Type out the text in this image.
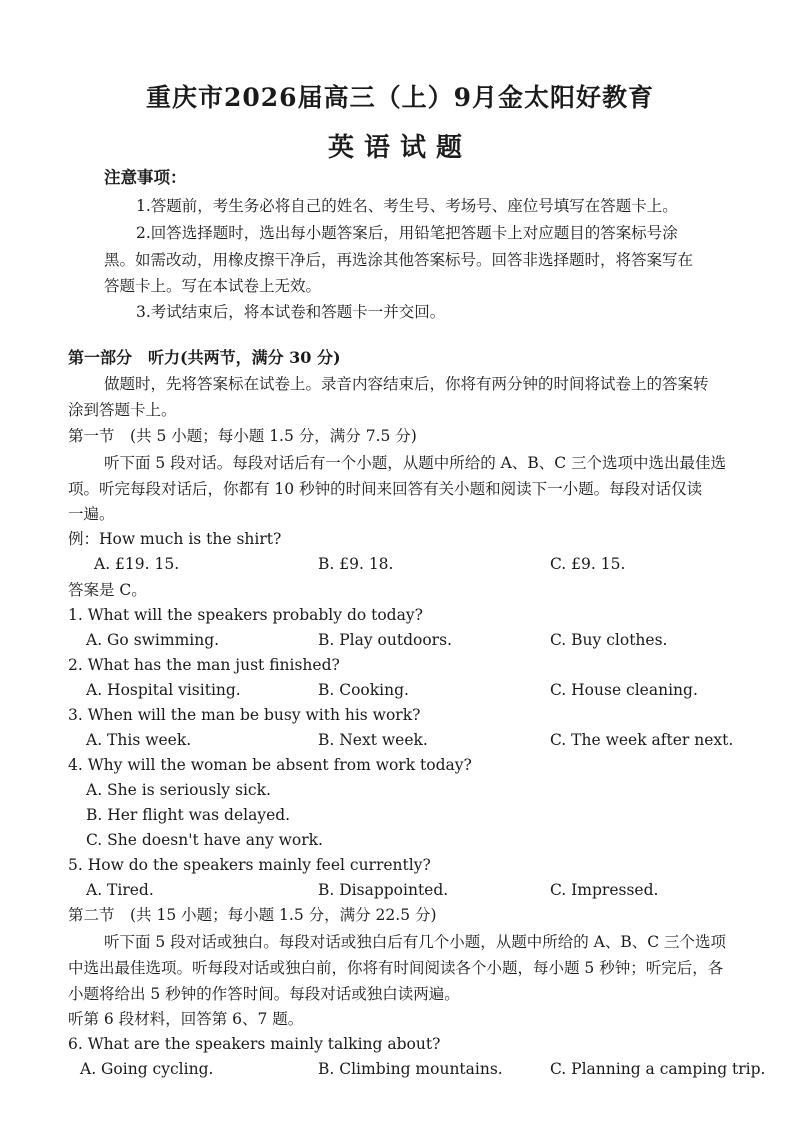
重庆市2026届高三（上）9月金太阳好教育
英语试题
注意事项：
1.答题前，考生务必将自己的姓名、考生号、考场号、座位号填写在答题卡上。
2.回答选择题时，选出每小题答案后，用铅笔把答题卡上对应题目的答案标号涂
黑。如需改动，用橡皮擦干净后，再选涂其他答案标号。回答非选择题时，将答案写在
答题卡上。写在本试卷上无效。
3.考试结束后，将本试卷和答题卡一并交回。
第一部分　听力(共两节，满分 30 分)
做题时，先将答案标在试卷上。录音内容结束后，你将有两分钟的时间将试卷上的答案转
涂到答题卡上。
第一节　(共 5 小题；每小题 1.5 分，满分 7.5 分)
听下面 5 段对话。每段对话后有一个小题，从题中所给的 A、B、C 三个选项中选出最佳选
项。听完每段对话后，你都有 10 秒钟的时间来回答有关小题和阅读下一小题。每段对话仅读
一遍。
例：How much is the shirt?
A. £19. 15.	B. £9. 18.	C. £9. 15.
答案是 C。
1. What will the speakers probably do today?
A. Go swimming.	B. Play outdoors.	C. Buy clothes.
2. What has the man just finished?
A. Hospital visiting.	B. Cooking.	C. House cleaning.
3. When will the man be busy with his work?
A. This week.	B. Next week.	C. The week after next.
4. Why will the woman be absent from work today?
A. She is seriously sick.
B. Her flight was delayed.
C. She doesn't have any work.
5. How do the speakers mainly feel currently?
A. Tired.	B. Disappointed.	C. Impressed.
第二节　(共 15 小题；每小题 1.5 分，满分 22.5 分)
听下面 5 段对话或独白。每段对话或独白后有几个小题，从题中所给的 A、B、C 三个选项
中选出最佳选项。听每段对话或独白前，你将有时间阅读各个小题，每小题 5 秒钟；听完后，各
小题将给出 5 秒钟的作答时间。每段对话或独白读两遍。
听第 6 段材料，回答第 6、7 题。
6. What are the speakers mainly talking about?
A. Going cycling.	B. Climbing mountains.	C. Planning a camping trip.
